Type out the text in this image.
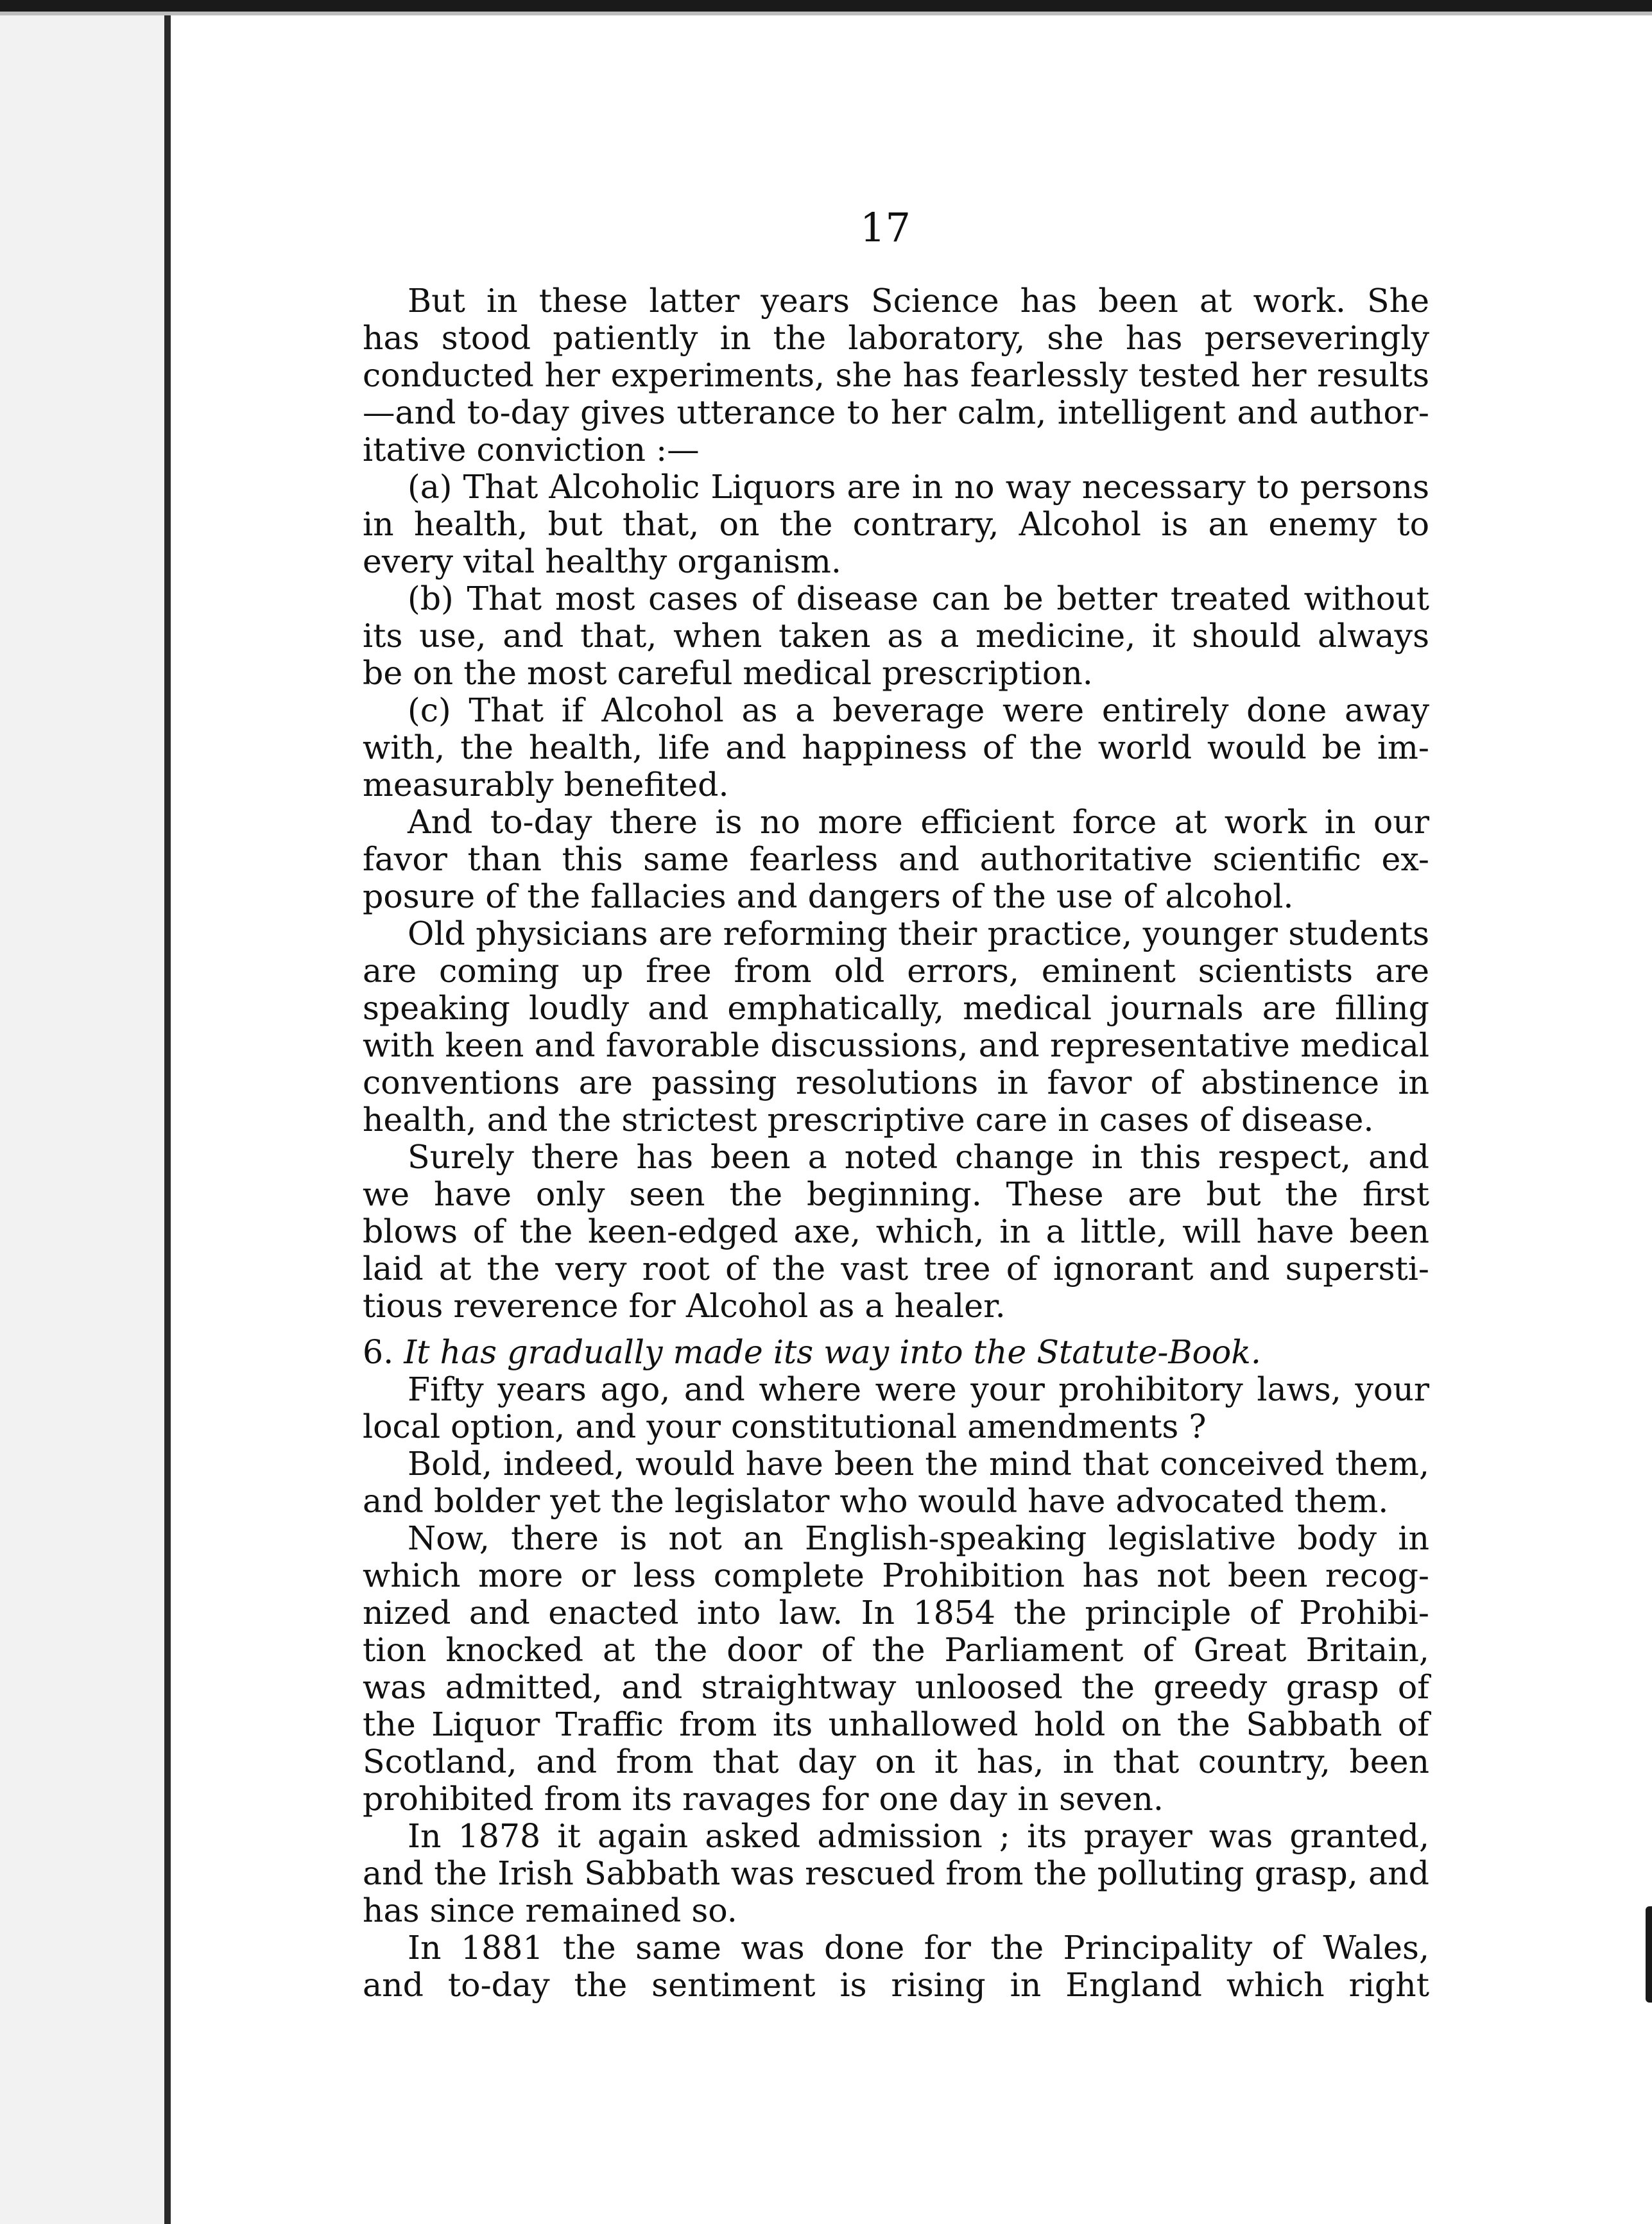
17
But in these latter years Science has been at work. She
has stood patiently in the laboratory, she has perseveringly
conducted her experiments, she has fearlessly tested her results
—and to-day gives utterance to her calm, intelligent and author-
itative conviction :—
(a) That Alcoholic Liquors are in no way necessary to persons
in health, but that, on the contrary, Alcohol is an enemy to
every vital healthy organism.
(b) That most cases of disease can be better treated without
its use, and that, when taken as a medicine, it should always
be on the most careful medical prescription.
(c) That if Alcohol as a beverage were entirely done away
with, the health, life and happiness of the world would be im-
measurably benefited.
And to-day there is no more efficient force at work in our
favor than this same fearless and authoritative scientific ex-
posure of the fallacies and dangers of the use of alcohol.
Old physicians are reforming their practice, younger students
are coming up free from old errors, eminent scientists are
speaking loudly and emphatically, medical journals are filling
with keen and favorable discussions, and representative medical
conventions are passing resolutions in favor of abstinence in
health, and the strictest prescriptive care in cases of disease.
Surely there has been a noted change in this respect, and
we have only seen the beginning. These are but the first
blows of the keen-edged axe, which, in a little, will have been
laid at the very root of the vast tree of ignorant and supersti-
tious reverence for Alcohol as a healer.
6. It has gradually made its way into the Statute-Book.
Fifty years ago, and where were your prohibitory laws, your
local option, and your constitutional amendments ?
Bold, indeed, would have been the mind that conceived them,
and bolder yet the legislator who would have advocated them.
Now, there is not an English-speaking legislative body in
which more or less complete Prohibition has not been recog-
nized and enacted into law. In 1854 the principle of Prohibi-
tion knocked at the door of the Parliament of Great Britain,
was admitted, and straightway unloosed the greedy grasp of
the Liquor Traffic from its unhallowed hold on the Sabbath of
Scotland, and from that day on it has, in that country, been
prohibited from its ravages for one day in seven.
In 1878 it again asked admission ; its prayer was granted,
and the Irish Sabbath was rescued from the polluting grasp, and
has since remained so.
In 1881 the same was done for the Principality of Wales,
and to-day the sentiment is rising in England which right
